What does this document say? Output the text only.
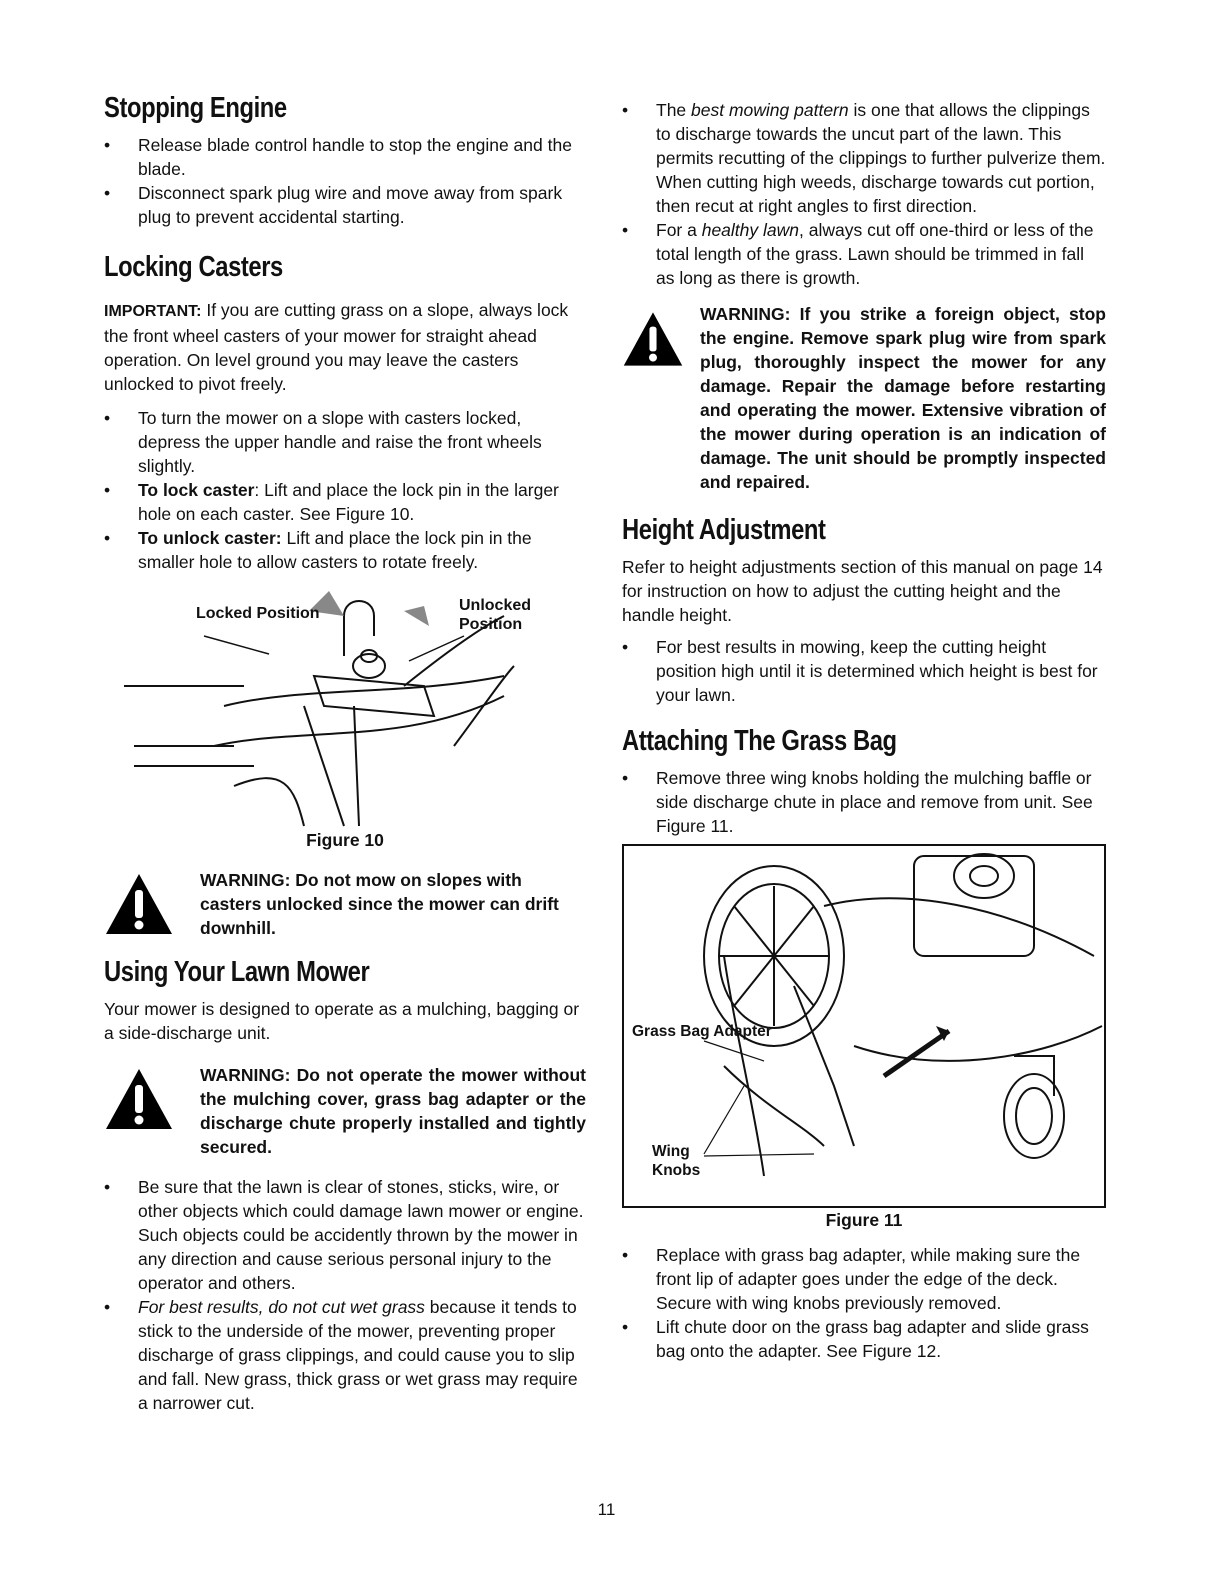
Stopping Engine
• Release blade control handle to stop the engine and the blade.
• Disconnect spark plug wire and move away from spark plug to prevent accidental starting.
Locking Casters

IMPORTANT: If you are cutting grass on a slope, always lock the front wheel casters of your mower for straight ahead operation. On level ground you may leave the casters unlocked to pivot freely.

• To turn the mower on a slope with casters locked, depress the upper handle and raise the front wheels slightly.
• To lock caster: Lift and place the lock pin in the larger hole on each caster. See Figure 10.
• To unlock caster: Lift and place the lock pin in the smaller hole to allow casters to rotate freely.
Locked Position	Unlocked Position
Figure 10
WARNING: Do not mow on slopes with casters unlocked since the mower can drift downhill.
Using Your Lawn Mower

Your mower is designed to operate as a mulching, bagging or a side-discharge unit.

WARNING: Do not operate the mower without the mulching cover, grass bag adapter or the discharge chute properly installed and tightly secured.
• Be sure that the lawn is clear of stones, sticks, wire, or other objects which could damage lawn mower or engine. Such objects could be accidently thrown by the mower in any direction and cause serious personal injury to the operator and others.
• For best results, do not cut wet grass because it tends to stick to the underside of the mower, preventing proper discharge of grass clippings, and could cause you to slip and fall. New grass, thick grass or wet grass may require a narrower cut.
• The best mowing pattern is one that allows the clippings to discharge towards the uncut part of the lawn. This permits recutting of the clippings to further pulverize them. When cutting high weeds, discharge towards cut portion, then recut at right angles to first direction.
• For a healthy lawn, always cut off one-third or less of the total length of the grass. Lawn should be trimmed in fall as long as there is growth.
WARNING: If you strike a foreign object, stop the engine. Remove spark plug wire from spark plug, thoroughly inspect the mower for any damage. Repair the damage before restarting and operating the mower. Extensive vibration of the mower during operation is an indication of damage. The unit should be promptly inspected and repaired.
Height Adjustment

Refer to height adjustments section of this manual on page 14 for instruction on how to adjust the cutting height and the handle height.

• For best results in mowing, keep the cutting height position high until it is determined which height is best for your lawn.
Attaching The Grass Bag
• Remove three wing knobs holding the mulching baffle or side discharge chute in place and remove from unit. See Figure 11.
Grass Bag Adapter
Wing Knobs
Figure 11
• Replace with grass bag adapter, while making sure the front lip of adapter goes under the edge of the deck. Secure with wing knobs previously removed.
• Lift chute door on the grass bag adapter and slide grass bag onto the adapter. See Figure 12.
11
